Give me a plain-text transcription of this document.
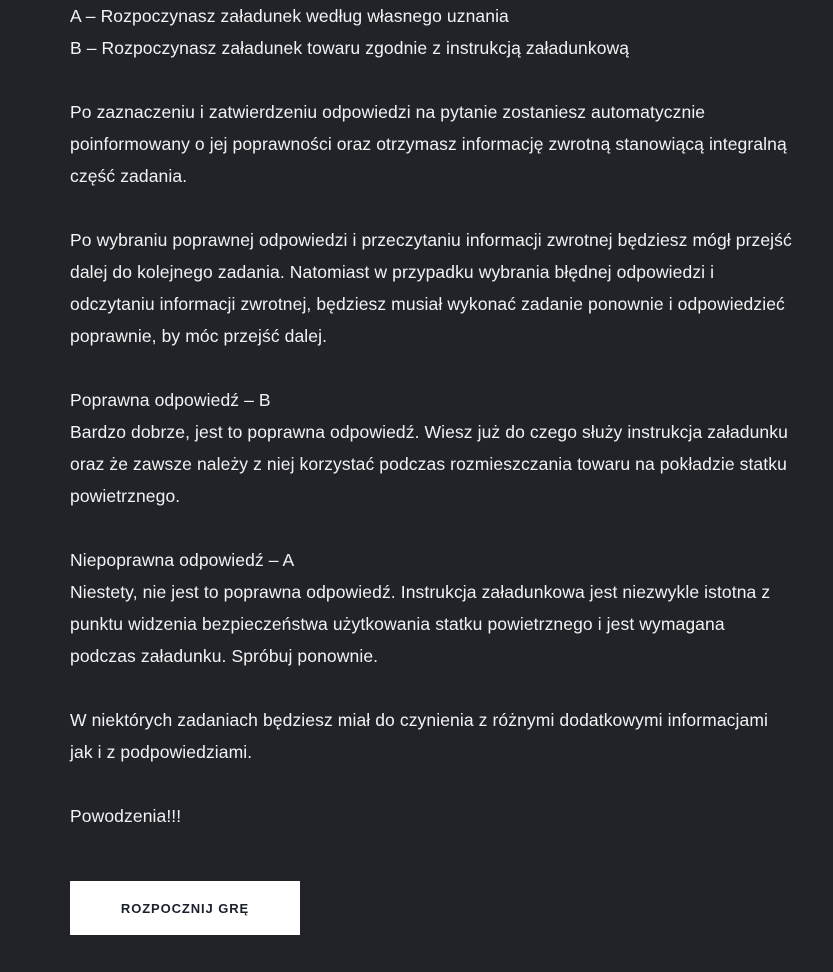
A – Rozpoczynasz załadunek według własnego uznania
B – Rozpoczynasz załadunek towaru zgodnie z instrukcją załadunkową
Po zaznaczeniu i zatwierdzeniu odpowiedzi na pytanie zostaniesz automatycznie poinformowany o jej poprawności oraz otrzymasz informację zwrotną stanowiącą integralną część zadania.
Po wybraniu poprawnej odpowiedzi i przeczytaniu informacji zwrotnej będziesz mógł przejść dalej do kolejnego zadania. Natomiast w przypadku wybrania błędnej odpowiedzi i odczytaniu informacji zwrotnej, będziesz musiał wykonać zadanie ponownie i odpowiedzieć poprawnie, by móc przejść dalej.
Poprawna odpowiedź – B
Bardzo dobrze, jest to poprawna odpowiedź. Wiesz już do czego służy instrukcja załadunku oraz że zawsze należy z niej korzystać podczas rozmieszczania towaru na pokładzie statku powietrznego.
Niepoprawna odpowiedź – A
Niestety, nie jest to poprawna odpowiedź. Instrukcja załadunkowa jest niezwykle istotna z punktu widzenia bezpieczeństwa użytkowania statku powietrznego i jest wymagana podczas załadunku. Spróbuj ponownie.
W niektórych zadaniach będziesz miał do czynienia z różnymi dodatkowymi informacjami jak i z podpowiedziami.
Powodzenia!!!
ROZPOCZNIJ GRĘ
